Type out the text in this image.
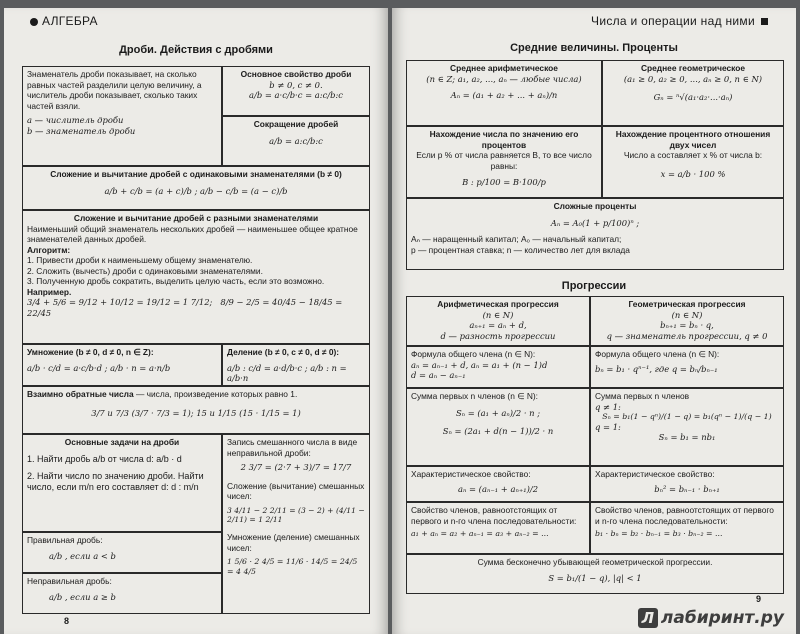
АЛГЕБРА
Дроби. Действия с дробями

Знаменатель дроби показывает, на сколько равных частей разделили целую величину, а числитель дроби показывает, сколько таких частей взяли.

a — числитель дроби

b — знаменатель дроби

Основное свойство дроби

b ≠ 0, c ≠ 0.

a/b = a·c/b·c = a:c/b:c

Сокращение дробей

a/b = a:c/b:c

Сложение и вычитание дробей с одинаковыми знаменателями (b ≠ 0)

a/b + c/b = (a + c)/b ; a/b − c/b = (a − c)/b

Сложение и вычитание дробей с разными знаменателями

Наименьший общий знаменатель нескольких дробей — наименьшее общее кратное знаменателей данных дробей.

Алгоритм:

1. Привести дроби к наименьшему общему знаменателю.

2. Сложить (вычесть) дроби с одинаковыми знаменателями.

3. Полученную дробь сократить, выделить целую часть, если это возможно.

Например.

3/4 + 5/6 = 9/12 + 10/12 = 19/12 = 1 7/12;   8/9 − 2/5 = 40/45 − 18/45 = 22/45

Умножение (b ≠ 0, d ≠ 0, n ∈ Z):

a/b · c/d = a·c/b·d ; a/b · n = a·n/b

Деление (b ≠ 0, c ≠ 0, d ≠ 0):

a/b : c/d = a·d/b·c ; a/b : n = a/b·n

Взаимно обратные числа — числа, произведение которых равно 1.

3/7 и 7/3 (3/7 · 7/3 = 1); 15 и 1/15 (15 · 1/15 = 1)

Основные задачи на дроби

1. Найти дробь a/b от числа d: a/b · d

2. Найти число по значению дроби. Найти число, если m/n его составляет d: d : m/n

Запись смешанного числа в виде неправильной дроби:

2 3/7 = (2·7 + 3)/7 = 17/7

Сложение (вычитание) смешанных чисел:

3 4/11 − 2 2/11 = (3 − 2) + (4/11 − 2/11) = 1 2/11

Умножение (деление) смешанных чисел:

1 5/6 · 2 4/5 = 11/6 · 14/5 = 24/5 = 4 4/5

Правильная дробь:

a/b , если a < b

Неправильная дробь:

a/b , если a ≥ b

8
Числа и операции над ними
Средние величины. Проценты

Среднее арифметическое

(n ∈ Z; a₁, a₂, ..., aₙ — любые числа)

Aₙ = (a₁ + a₂ + ... + aₙ)/n

Среднее геометрическое

(a₁ ≥ 0, a₂ ≥ 0, ..., aₙ ≥ 0, n ∈ N)

Gₙ = ⁿ√(a₁·a₂·...·aₙ)

Нахождение числа по значению его процентов

Если p % от числа равняется B, то все число равны:

B : p/100 = B·100/p

Нахождение процентного отношения двух чисел

Число a составляет x % от числа b:

x = a/b · 100 %

Сложные проценты

Aₙ = A₀(1 + p/100)ⁿ ;

Aₙ — наращенный капитал; A₀ — начальный капитал;

p — процентная ставка; n — количество лет для вклада

Прогрессии

Арифметическая прогрессия

(n ∈ N)

aₙ₊₁ = aₙ + d,

d — разность прогрессии

Геометрическая прогрессия

(n ∈ N)

bₙ₊₁ = bₙ · q,

q — знаменатель прогрессии, q ≠ 0

Формула общего члена (n ∈ N):

aₙ = aₙ₋₁ + d, aₙ = a₁ + (n − 1)d

d = aₙ − aₙ₋₁

Формула общего члена (n ∈ N):

bₙ = b₁ · qⁿ⁻¹, где q = bₙ/bₙ₋₁

Сумма первых n членов (n ∈ N):

Sₙ = (a₁ + aₙ)/2 · n ;

Sₙ = (2a₁ + d(n − 1))/2 · n

Сумма первых n членов

q ≠ 1:

Sₙ = b₁(1 − qⁿ)/(1 − q) = b₁(qⁿ − 1)/(q − 1)

q = 1:

Sₙ = b₁ = nb₁

Характеристическое свойство:

aₙ = (aₙ₋₁ + aₙ₊₁)/2

Характеристическое свойство:

bₙ² = bₙ₋₁ · bₙ₊₁

Свойство членов, равноотстоящих от первого и n-го члена последовательности:

a₁ + aₙ = a₂ + aₙ₋₁ = a₃ + aₙ₋₂ = ...

Свойство членов, равноотстоящих от первого и n-го члена последовательности:

b₁ · bₙ = b₂ · bₙ₋₁ = b₃ · bₙ₋₂ = ...

Сумма бесконечно убывающей геометрической прогрессии.

S = b₁/(1 − q), |q| < 1

9
Л лабиринт.ру
